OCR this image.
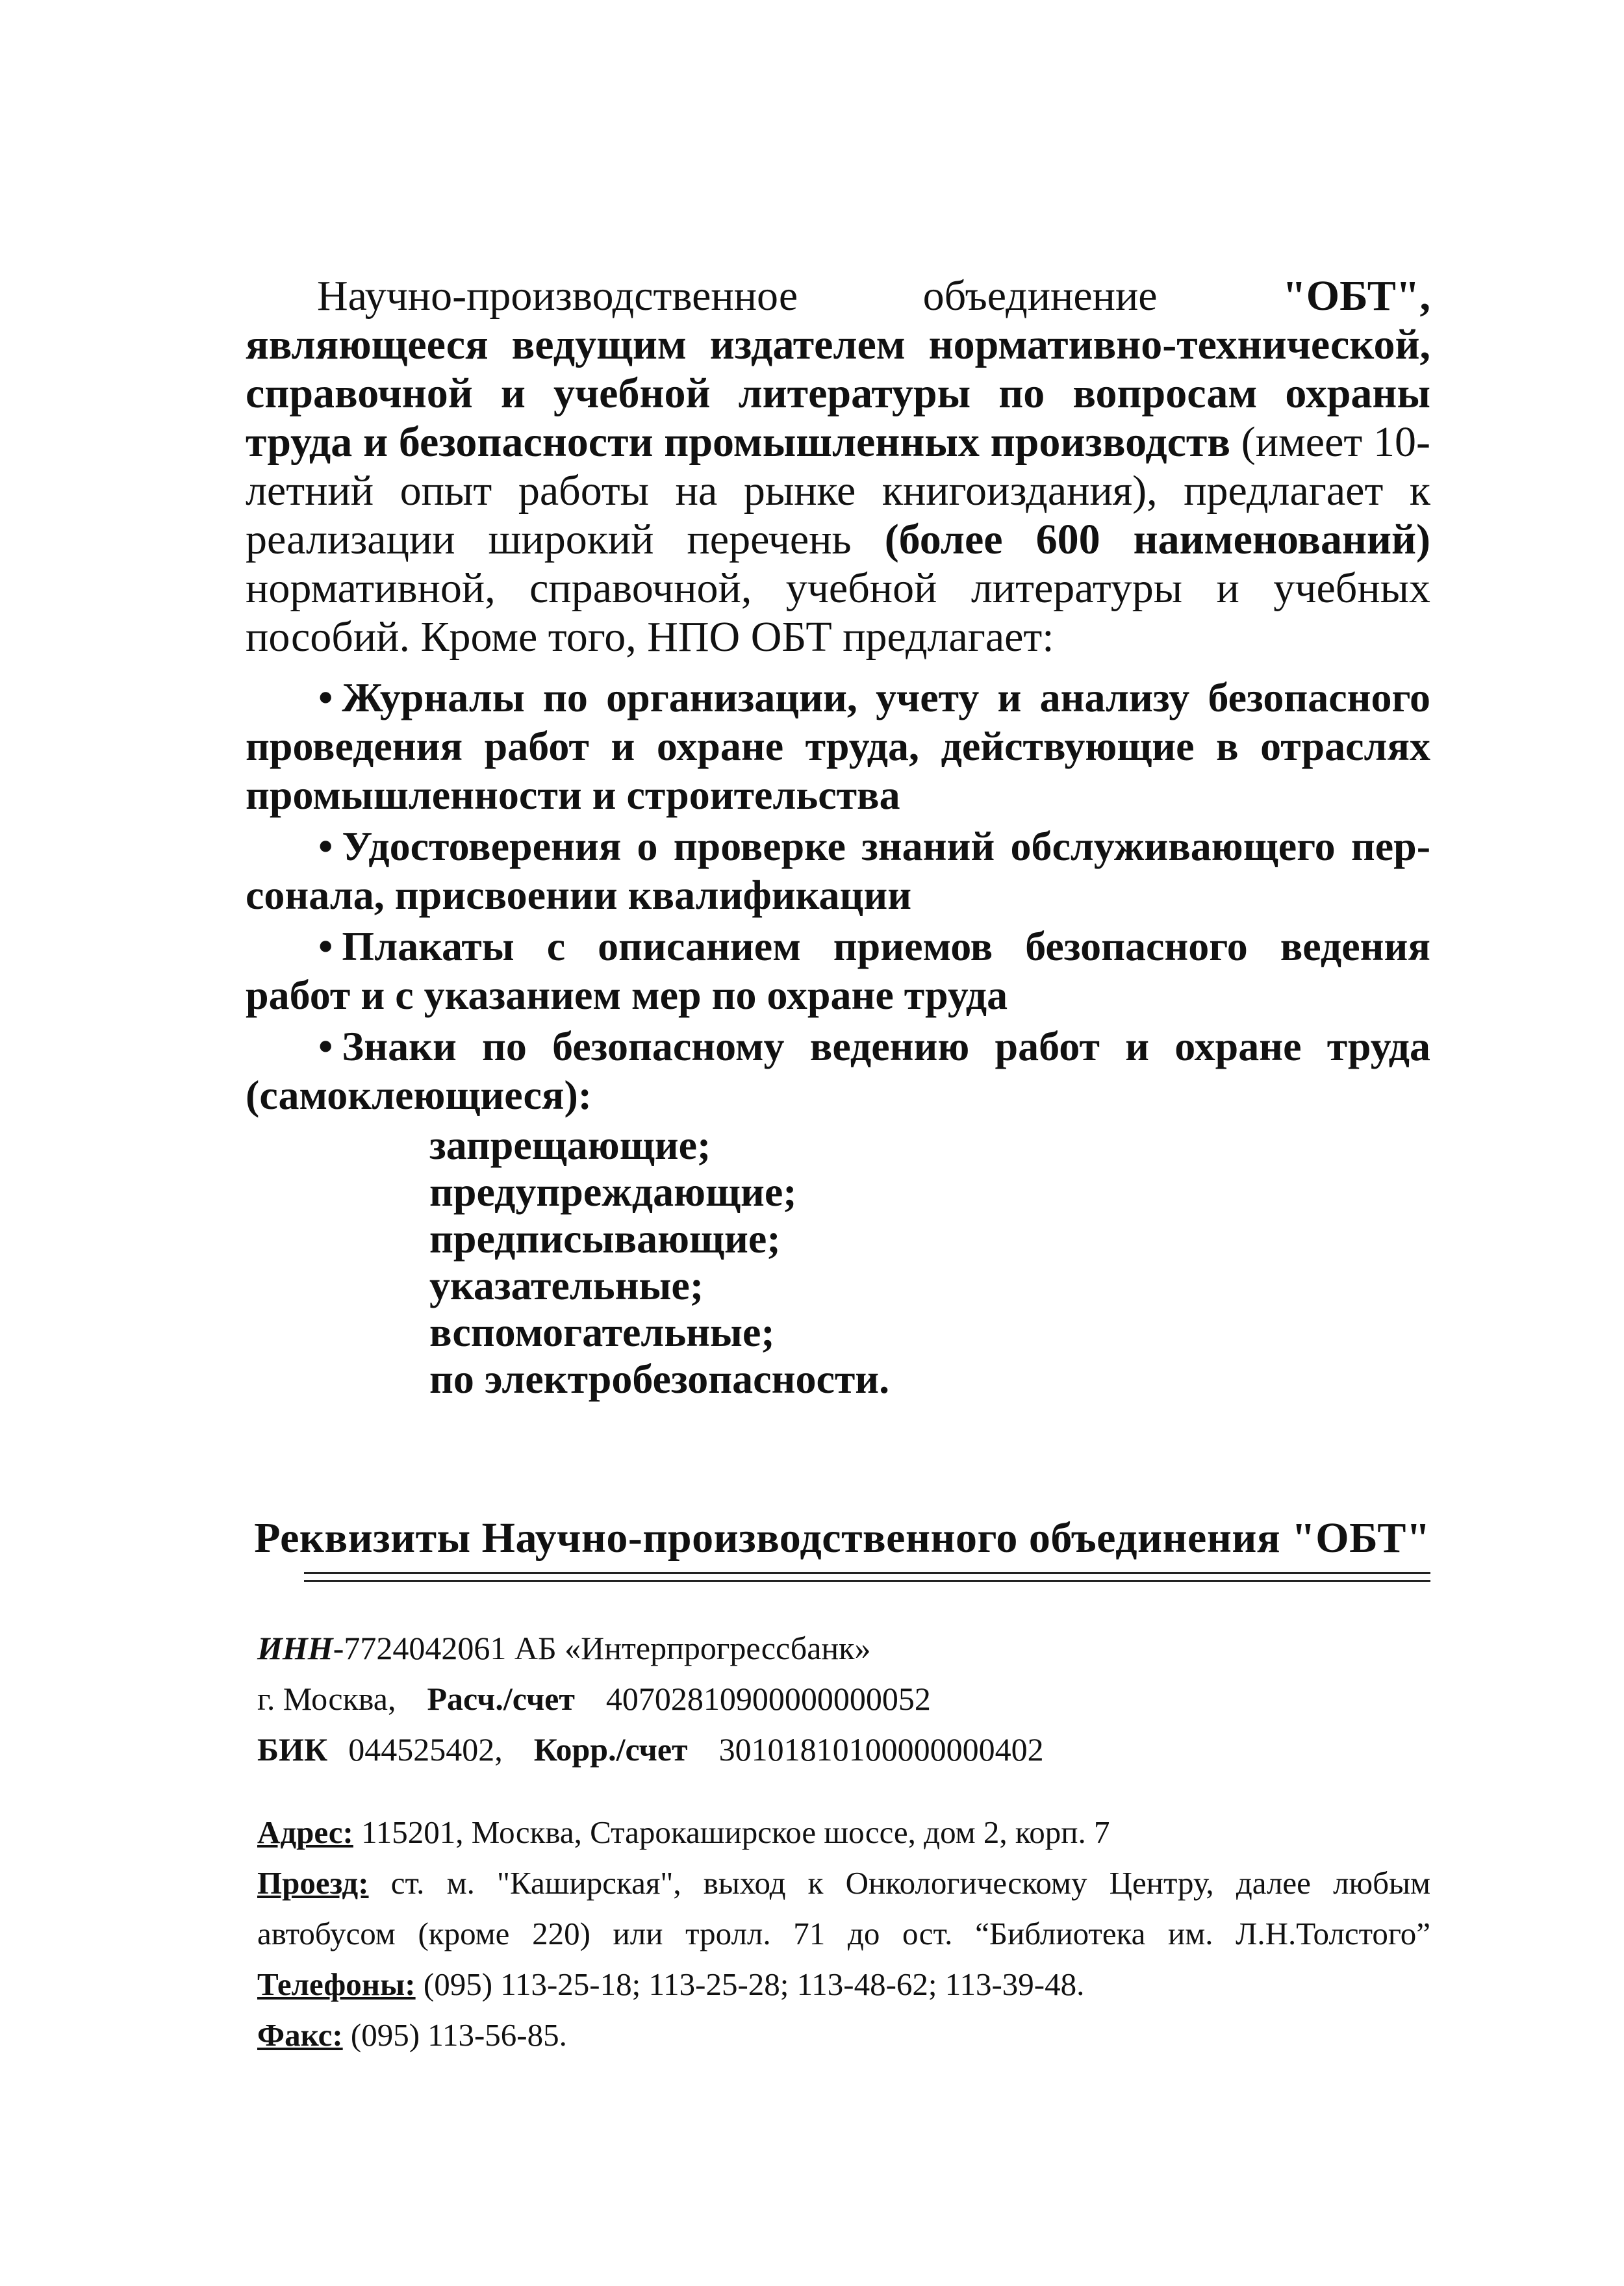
Научно-производственное объединение "ОБТ", являющееся ведущим издателем нормативно-технической, справочной и учебной литературы по вопросам охраны труда и безопасности промышленных производств (имеет 10-летний опыт работы на рынке книгоиздания), предлагает к реализации широкий перечень (более 600 наименований) нормативной, справочной, учебной литературы и учебных пособий. Кроме того, НПО ОБТ предлагает:

• Журналы по организации, учету и анализу безопасного проведения работ и охране труда, действующие в отраслях промышленности и строительства

• Удостоверения о проверке знаний обслуживающего персонала, присвоении квалификации

• Плакаты с описанием приемов безопасного ведения работ и с указанием мер по охране труда

• Знаки по безопасному ведению работ и охране труда (самоклеющиеся):

запрещающие;
предупреждающие;
предписывающие;
указательные;
вспомогательные;
по электробезопасности.
Реквизиты Научно-производственного объединения "ОБТ"
ИНН-7724042061 АБ «Интерпрогрессбанк»
г. Москва, Расч./счет 40702810900000000052
БИК 044525402, Корр./счет 30101810100000000402
Адрес: 115201, Москва, Старокаширское шоссе, дом 2, корп. 7
Проезд: ст. м. "Каширская", выход к Онкологическому Центру, далее любым
автобусом (кроме 220) или тролл. 71 до ост. “Библиотека им. Л.Н.Толстого”
Телефоны: (095) 113-25-18; 113-25-28; 113-48-62; 113-39-48.
Факс: (095) 113-56-85.
